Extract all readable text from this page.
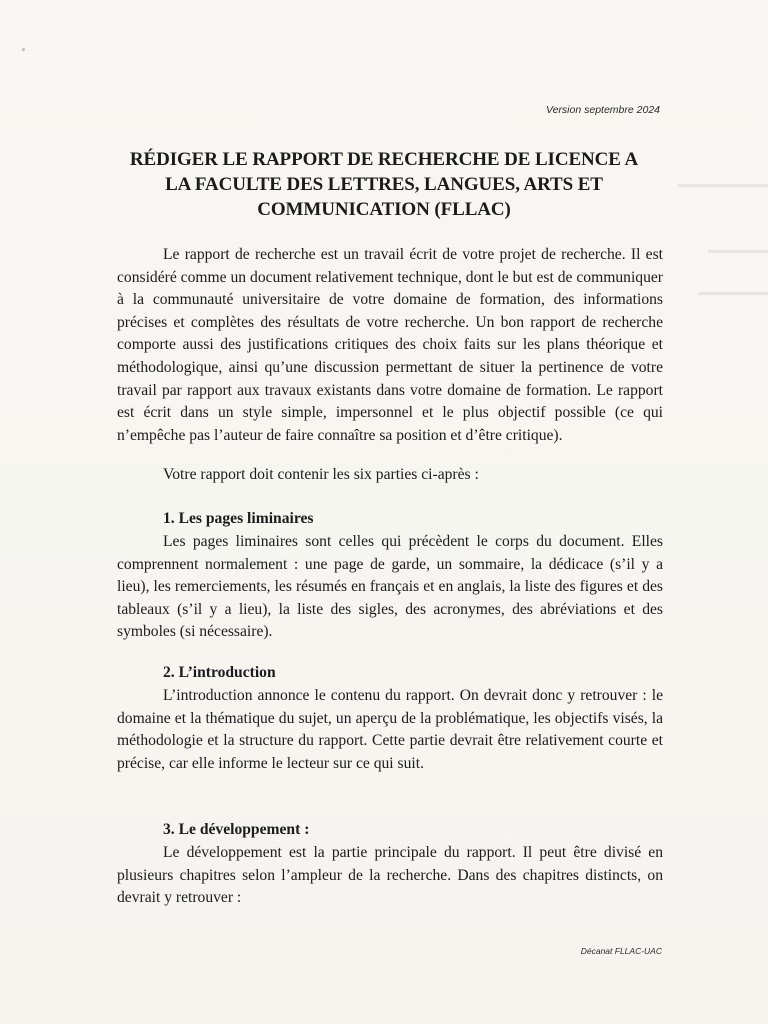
Version septembre 2024
RÉDIGER LE RAPPORT DE RECHERCHE DE LICENCE A
LA FACULTE DES LETTRES, LANGUES, ARTS ET
COMMUNICATION (FLLAC)

Le rapport de recherche est un travail écrit de votre projet de recherche. Il est considéré comme un document relativement technique, dont le but est de communiquer à la communauté universitaire de votre domaine de formation, des informations précises et complètes des résultats de votre recherche. Un bon rapport de recherche comporte aussi des justifications critiques des choix faits sur les plans théorique et méthodologique, ainsi qu’une discussion permettant de situer la pertinence de votre travail par rapport aux travaux existants dans votre domaine de formation. Le rapport est écrit dans un style simple, impersonnel et le plus objectif possible (ce qui n’empêche pas l’auteur de faire connaître sa position et d’être critique).

Votre rapport doit contenir les six parties ci-après :

1. Les pages liminaires

Les pages liminaires sont celles qui précèdent le corps du document. Elles comprennent normalement : une page de garde, un sommaire, la dédicace (s’il y a lieu), les remerciements, les résumés en français et en anglais, la liste des figures et des tableaux (s’il y a lieu), la liste des sigles, des acronymes, des abréviations et des symboles (si nécessaire).

2. L’introduction

L’introduction annonce le contenu du rapport. On devrait donc y retrouver : le domaine et la thématique du sujet, un aperçu de la problématique, les objectifs visés, la méthodologie et la structure du rapport. Cette partie devrait être relativement courte et précise, car elle informe le lecteur sur ce qui suit.

3. Le développement :

Le développement est la partie principale du rapport. Il peut être divisé en plusieurs chapitres selon l’ampleur de la recherche. Dans des chapitres distincts, on devrait y retrouver :

Décanat FLLAC-UAC
